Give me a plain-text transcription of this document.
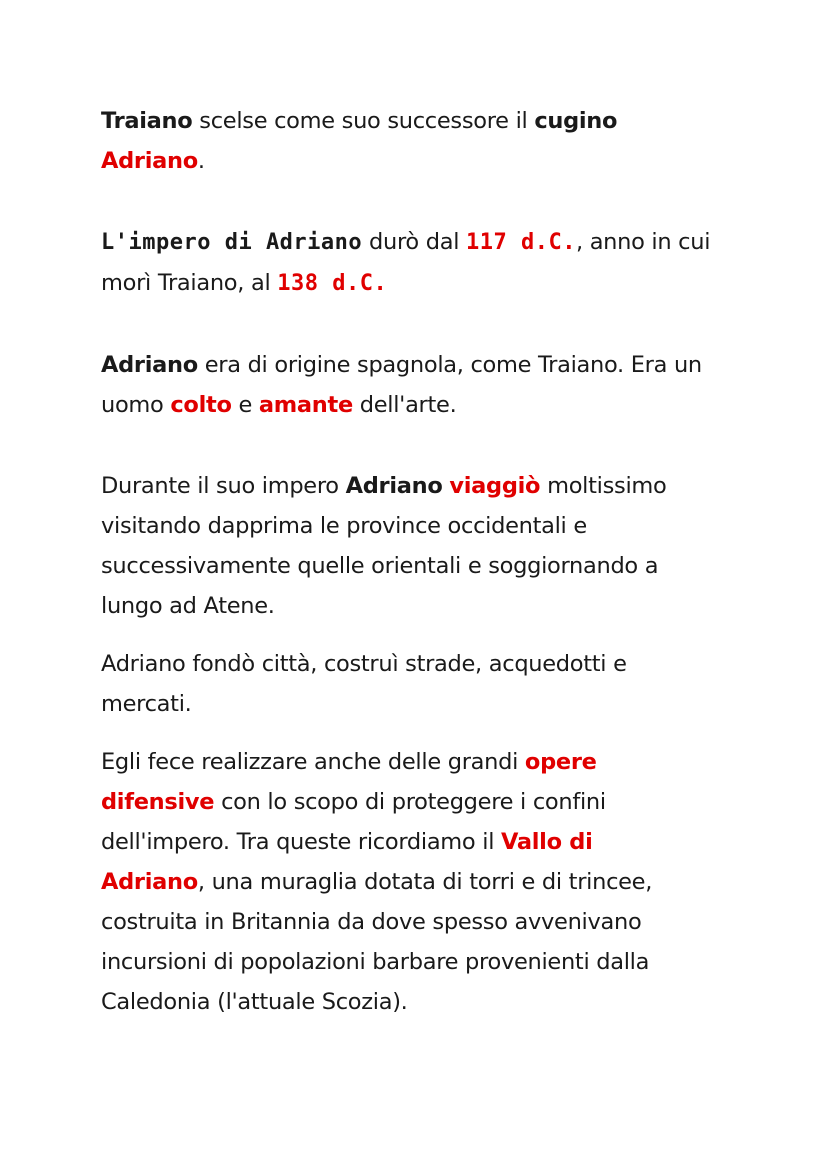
Traiano scelse come suo successore il cugino
Adriano.

L'impero di Adriano durò dal 117 d.C., anno in cui
morì Traiano, al 138 d.C.

Adriano era di origine spagnola, come Traiano. Era un
uomo colto e amante dell'arte.

Durante il suo impero Adriano viaggiò moltissimo
visitando dapprima le province occidentali e
successivamente quelle orientali e soggiornando a
lungo ad Atene.

Adriano fondò città, costruì strade, acquedotti e
mercati.

Egli fece realizzare anche delle grandi opere
difensive con lo scopo di proteggere i confini
dell'impero. Tra queste ricordiamo il Vallo di
Adriano, una muraglia dotata di torri e di trincee,
costruita in Britannia da dove spesso avvenivano
incursioni di popolazioni barbare provenienti dalla
Caledonia (l'attuale Scozia).
